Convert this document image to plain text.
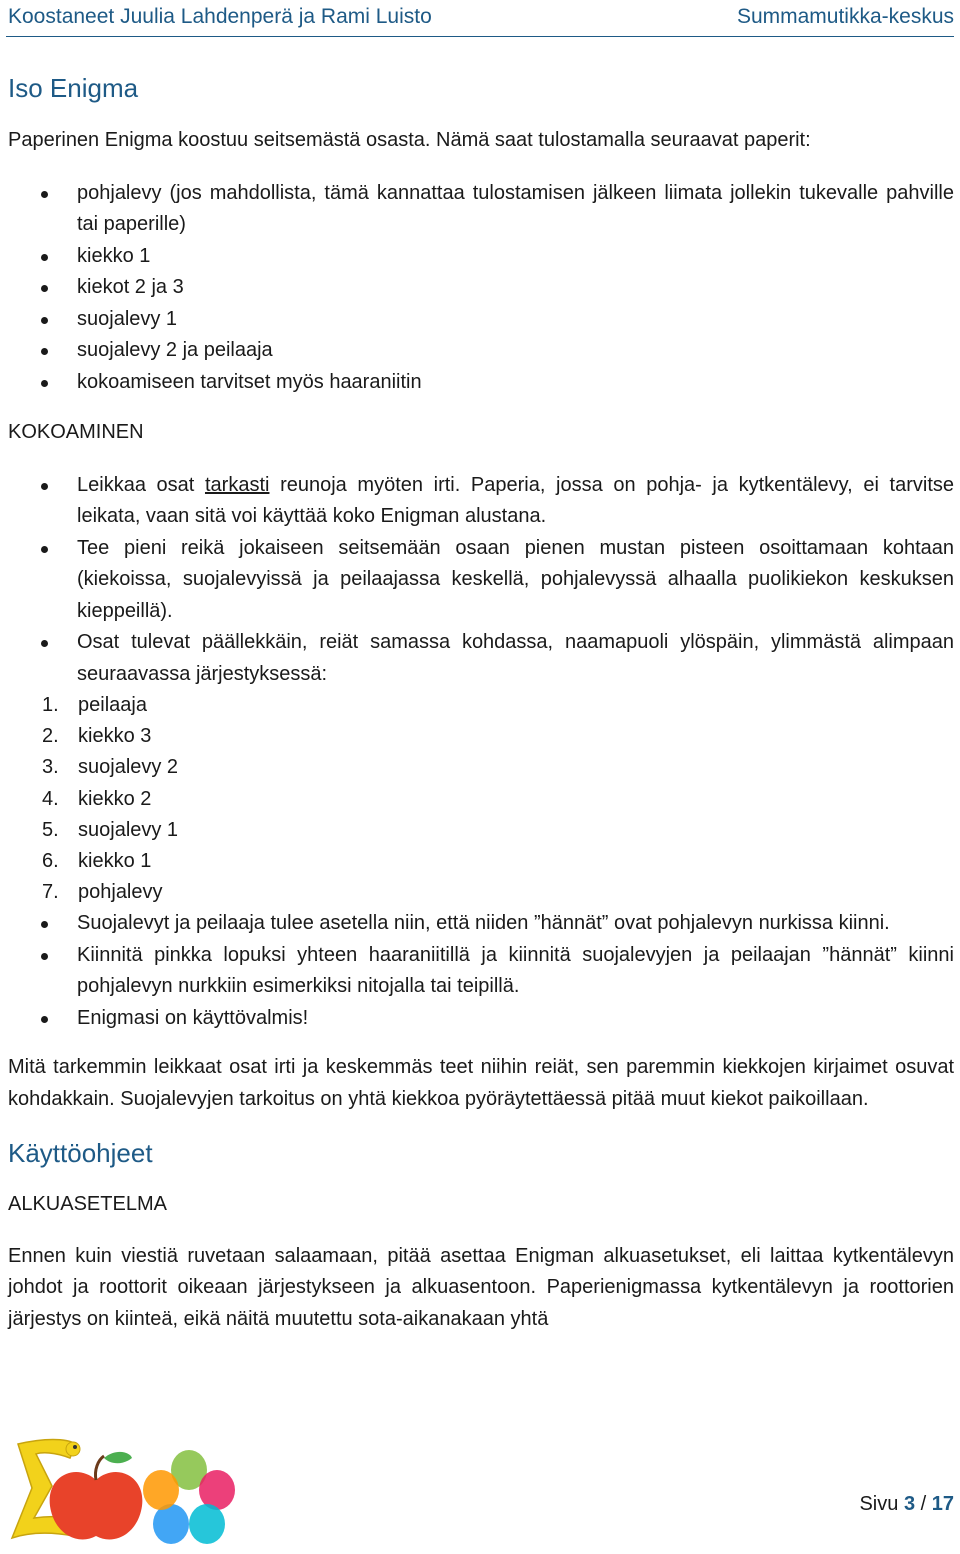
Koostaneet Juulia Lahdenperä ja Rami Luisto	Summamutikka-keskus
Iso Enigma

Paperinen Enigma koostuu seitsemästä osasta. Nämä saat tulostamalla seuraavat paperit:

pohjalevy (jos mahdollista, tämä kannattaa tulostamisen jälkeen liimata jollekin tukevalle pahville tai paperille)
kiekko 1
kiekot 2 ja 3
suojalevy 1
suojalevy 2 ja peilaaja
kokoamiseen tarvitset myös haaraniitin

KOKOAMINEN

Leikkaa osat tarkasti reunoja myöten irti. Paperia, jossa on pohja- ja kytkentälevy, ei tarvitse leikata, vaan sitä voi käyttää koko Enigman alustana.
Tee pieni reikä jokaiseen seitsemään osaan pienen mustan pisteen osoittamaan kohtaan (kiekoissa, suojalevyissä ja peilaajassa keskellä, pohjalevyssä alhaalla puolikiekon keskuksen kieppeillä).
Osat tulevat päällekkäin, reiät samassa kohdassa, naamapuoli ylöspäin, ylimmästä alimpaan seuraavassa järjestyksessä:
1. peilaaja
2. kiekko 3
3. suojalevy 2
4. kiekko 2
5. suojalevy 1
6. kiekko 1
7. pohjalevy
Suojalevyt ja peilaaja tulee asetella niin, että niiden ”hännät” ovat pohjalevyn nurkissa kiinni.
Kiinnitä pinkka lopuksi yhteen haaraniitillä ja kiinnitä suojalevyjen ja peilaajan ”hännät” kiinni pohjalevyn nurkkiin esimerkiksi nitojalla tai teipillä.
Enigmasi on käyttövalmis!

Mitä tarkemmin leikkaat osat irti ja keskemmäs teet niihin reiät, sen paremmin kiekkojen kirjaimet osuvat kohdakkain. Suojalevyjen tarkoitus on yhtä kiekkoa pyöräytettäessä pitää muut kiekot paikoillaan.

Käyttöohjeet

ALKUASETELMA

Ennen kuin viestiä ruvetaan salaamaan, pitää asettaa Enigman alkuasetukset, eli laittaa kytkentälevyn johdot ja roottorit oikeaan järjestykseen ja alkuasentoon. Paperienigmassa kytkentälevyn ja roottorien järjestys on kiinteä, eikä näitä muutettu sota-aikanakaan yhtä

Sivu 3 / 17
